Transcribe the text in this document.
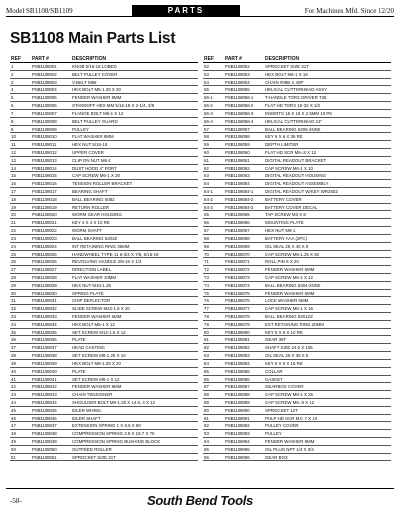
Model SB1108/SB1109	PARTS	For Machines Mfd. Since 12/20
SB1108 Main Parts List
REF	PART #	DESCRIPTION
1	PSB1108001	KNOB 5/16-18 LOBED
2	PSB1108002	BELT PULLEY COVER
3	PSB1108003	V-BELT M58
4	PSB1108004	HEX BOLT M5-1.25 X 30
5	PSB1108005	FENDER WASHER 8MM
6	PSB1108006	STANDOFF HEX MM 5/16-18 X 2-1/4, 3/8
7	PSB1108007	FLANGE BOLT M6-1 X 12
8	PSB1108008	BELT PULLEY GUARD
9	PSB1108009	PULLEY
10	PSB1108010	FLAT WASHER 8MM
11	PSB1108011	HEX NUT 5/16-18
12	PSB1108012	UPPER COVER
13	PSB1108013	CLIP ON NUT M6-1
14	PSB1108014	DUST HOOD 4" PORT
15	PSB1108015	CAP SCREW M6-1 X 20
16	PSB1108016	TENSION ROLLER BRACKET
17	PSB1108017	BEARING SHAFT
18	PSB1108018	BALL BEARING 6082
19	PSB1108019	RETURN ROLLER
20	PSB1108020	WORM GEAR HOUSING
21	PSB1108021	KEY 4 X 4 X 10 RE
22	PSB1108022	WORM SHAFT
23	PSB1108023	BALL BEARING 6202Z
24	PSB1108024	INT RETAINING RING 35MM
25	PSB1108025	HANDWHEEL TYPE-11 6-3/4 X 7/8, 5/16-18
26	PSB1108026	REVOLVING HANDLE 3/8-16 X 1/2
27	PSB1108027	DIRECTION LABEL
28	PSB1108028	FLAT WASHER 10MM
29	PSB1108029	HEX NUT M10-1.25
30	PSB1108030	SPRING PLATE
31	PSB1108031	CHIP DEFLECTOR
32	PSB1108032	SLIDE SCREW M22-1.5 X 20
33	PSB1108033	FENDER WASHER 6MM
34	PSB1108034	HEX BOLT M6-1 X 12
35	PSB1108035	SET SCREW M12-1.5 X 12
36	PSB1108036	PLATE
37	PSB1108037	HEAD CASTING
38	PSB1108038	SET SCREW M8-1.25 X 10
39	PSB1108039	HEX BOLT M8-1.25 X 20
40	PSB1108040	PLATE
41	PSB1108041	SET SCREW M6-1 X 12
42	PSB1108042	FENDER WASHER 8MM
43	PSB1108043	CHAIN TENSIONER
44	PSB1108044	SHOULDER BOLT M8-1.25 X 14.5, 4 X 12
45	PSB1108045	IDLER WHEEL
46	PSB1108046	IDLER SHAFT
47	PSB1108047	EXTENSION SPRING 1 X 8.5 X 80
48	PSB1108048	COMPRESSION SPRING 3.8 X 19.7 X 70
49	PSB1108049	COMPRESSION SPRING BUSHING BLOCK
50	PSB1108050	OUTFEED ROLLER
51	PSB1108051	SPROCKET SIZE 31T
REF	PART #	DESCRIPTION
52	PSB1108052	SPROCKET SIZE 31T
53	PSB1108053	HEX BOLT M6-1 X 16
54	PSB1108054	CHAIN #08B X 40P
55	PSB1108055	HELICAL CUTTERHEAD ASSY
56-1	PSB1108056-1	T-HANDLE TORX DRIVER T25
56-2	PSB1108056-2	FLAT HD TORX 10-32 X 1/2
56-3	PSB1108056-3	INSERTS 15 X 15 X 2.5MM 10 PK
56-4	PSB1108056-4	HELICAL CUTTERHEAD 13"
57	PSB1108057	BALL BEARING 6205-2NSE
58	PSB1108058	KEY 6 X 6 X 36 RE
59	PSB1108059	DEPTH LIMITER
60	PSB1108060	FLAT HD SCR M5-.8 X 12
61	PSB1108061	DIGITAL READOUT BRACKET
62	PSB1108062	CAP SCREW M6-1 X 10
63	PSB1108063	DIGITAL READOUT HOUSING
64	PSB1108064	DIGITAL READOUT ASSEMBLY
64-1	PSB1108064-1	DIGITAL READOUT W/KEY WR2502
64-2	PSB1108064-2	BATTERY COVER
64-3	PSB1108064-3	BATTERY COVER DECAL
65	PSB1108065	TAP SCREW M3 X 8
66	PSB1108066	MOUNTING PLATE
67	PSB1108067	HEX NUT M8-1
68	PSB1108068	BATTERY AAA (2PC)
69	PSB1108069	OIL SEAL 28 X 40 X 8
70	PSB1108070	CAP SCREW M8-1.25 X 50
71	PSB1108071	ROLL PIN 8 X 20
72	PSB1108072	FENDER WASHER 6MM
73	PSB1108073	CAP SCREW M6-1 X 12
74	PSB1108074	BALL BEARING 6304-2NSE
75	PSB1108075	FENDER WASHER 6MM
76	PSB1108076	LOCK WASHER 6MM
77	PSB1108077	CAP SCREW M6-1 X 16
78	PSB1108078	BALL BEARING 6201ZZ
79	PSB1108079	EXT RETAINING RING 20MM
80	PSB1108080	KEY 5 X 5 X 10 RE
81	PSB1108081	GEAR 36T
82	PSB1108082	SHAFT SIZE 24.5 X 105
83	PSB1108083	OIL SEAL 25 X 35 X 5
84	PSB1108084	KEY 6 X 6 X 16 RE
85	PSB1108085	COLLAR
86	PSB1108086	GASKET
87	PSB1108087	GEARBOX COVER
88	PSB1108088	CAP SCREW M8-1 X 25
89	PSB1108089	CAP SCREW M5-.8 X 12
90	PSB1108090	SPROCKET 12T
91	PSB1108091	PHLP HD SCR M4-.7 X 10
92	PSB1108092	PULLEY COVER
93	PSB1108093	PULLEY
94	PSB1108094	FENDER WASHER 8MM
95	PSB1108095	OIL PLUG NPT 1/4 X 3/4
96	PSB1108096	GEAR BOX
-58-	South Bend Tools
